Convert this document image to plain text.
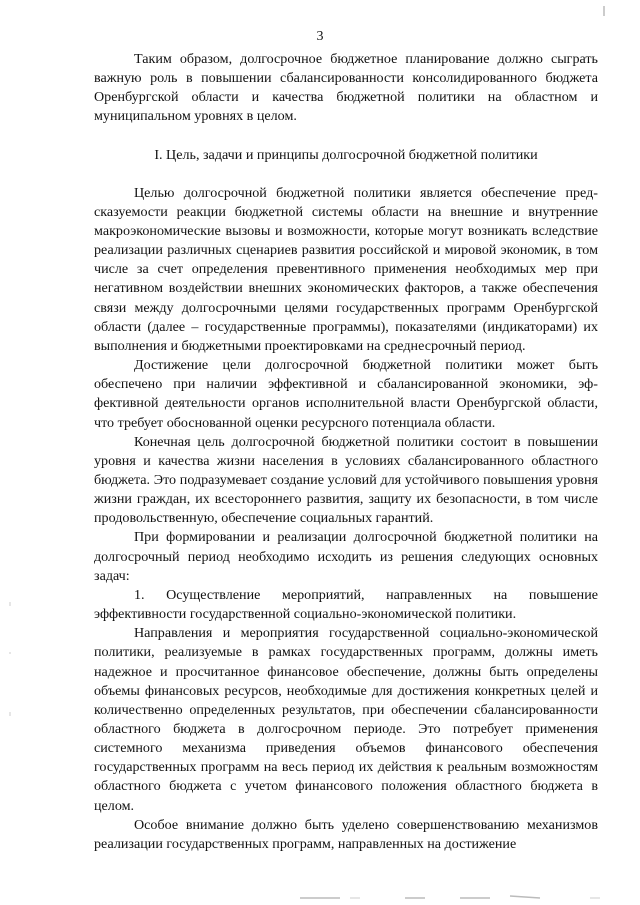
3

Таким образом, долгосрочное бюджетное планирование должно сыграть важную роль в повышении сбалансированности консолидированного бюджета Оренбургской области и качества бюджетной политики на областном и муниципальном уровнях в целом.

I. Цель, задачи и принципы долгосрочной бюджетной политики

Целью долгосрочной бюджетной политики является обеспечение предсказуемости реакции бюджетной системы области на внешние и внутренние макроэкономические вызовы и возможности, которые могут возникать вследствие реализации различных сценариев развития российской и мировой экономик, в том числе за счет определения превентивного применения необходимых мер при негативном воздействии внешних экономических факторов, а также обеспечения связи между долгосрочными целями государственных программ Оренбургской области (далее – государственные программы), показателями (индикаторами) их выполнения и бюджетными проектировками на среднесрочный период.

Достижение цели долгосрочной бюджетной политики может быть обеспечено при наличии эффективной и сбалансированной экономики, эффективной деятельности органов исполнительной власти Оренбургской области, что требует обоснованной оценки ресурсного потенциала области.

Конечная цель долгосрочной бюджетной политики состоит в повышении уровня и качества жизни населения в условиях сбалансированного областного бюджета. Это подразумевает создание условий для устойчивого повышения уровня жизни граждан, их всестороннего развития, защиту их безопасности, в том числе продовольственную, обеспечение социальных гарантий.

При формировании и реализации долгосрочной бюджетной политики на долгосрочный период необходимо исходить из решения следующих основных задач:

1. Осуществление мероприятий, направленных на повышение эффективности государственной социально-экономической политики.

Направления и мероприятия государственной социально-экономической политики, реализуемые в рамках государственных программ, должны иметь надежное и просчитанное финансовое обеспечение, должны быть определены объемы финансовых ресурсов, необходимые для достижения конкретных целей и количественно определенных результатов, при обеспечении сбалансированности областного бюджета в долгосрочном периоде. Это потребует применения системного механизма приведения объемов финансового обеспечения государственных программ на весь период их действия к реальным возможностям областного бюджета с учетом финансового положения областного бюджета в целом.

Особое внимание должно быть уделено совершенствованию механизмов реализации государственных программ, направленных на достижение
